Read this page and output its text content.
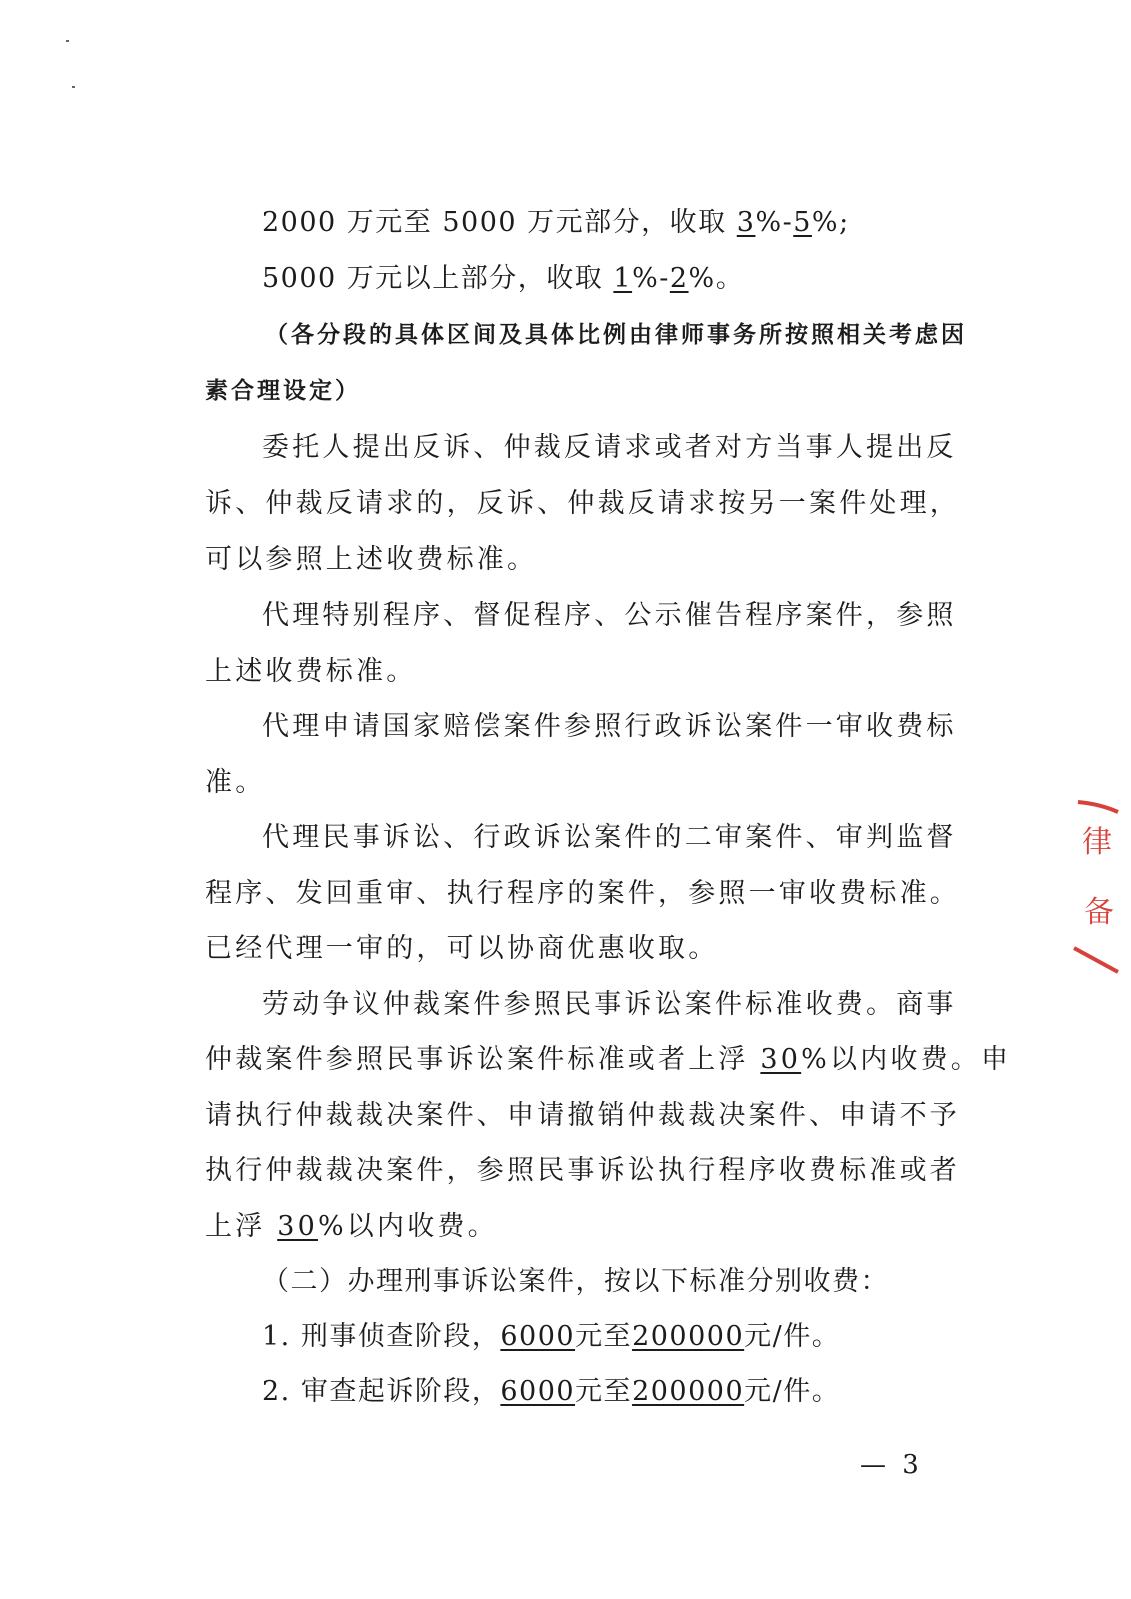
2000 万元至 5000 万元部分，收取 3%-5%;
5000 万元以上部分，收取 1%-2%。
（各分段的具体区间及具体比例由律师事务所按照相关考虑因
素合理设定）
委托人提出反诉、仲裁反请求或者对方当事人提出反
诉、仲裁反请求的，反诉、仲裁反请求按另一案件处理，
可以参照上述收费标准。
代理特别程序、督促程序、公示催告程序案件，参照
上述收费标准。
代理申请国家赔偿案件参照行政诉讼案件一审收费标
准。
代理民事诉讼、行政诉讼案件的二审案件、审判监督
程序、发回重审、执行程序的案件，参照一审收费标准。
已经代理一审的，可以协商优惠收取。
劳动争议仲裁案件参照民事诉讼案件标准收费。商事
仲裁案件参照民事诉讼案件标准或者上浮 30%以内收费。申
请执行仲裁裁决案件、申请撤销仲裁裁决案件、申请不予
执行仲裁裁决案件，参照民事诉讼执行程序收费标准或者
上浮 30%以内收费。
（二）办理刑事诉讼案件，按以下标准分别收费：
1. 刑事侦查阶段，6000元至200000元/件。
2. 审查起诉阶段，6000元至200000元/件。
— 3
律
备
